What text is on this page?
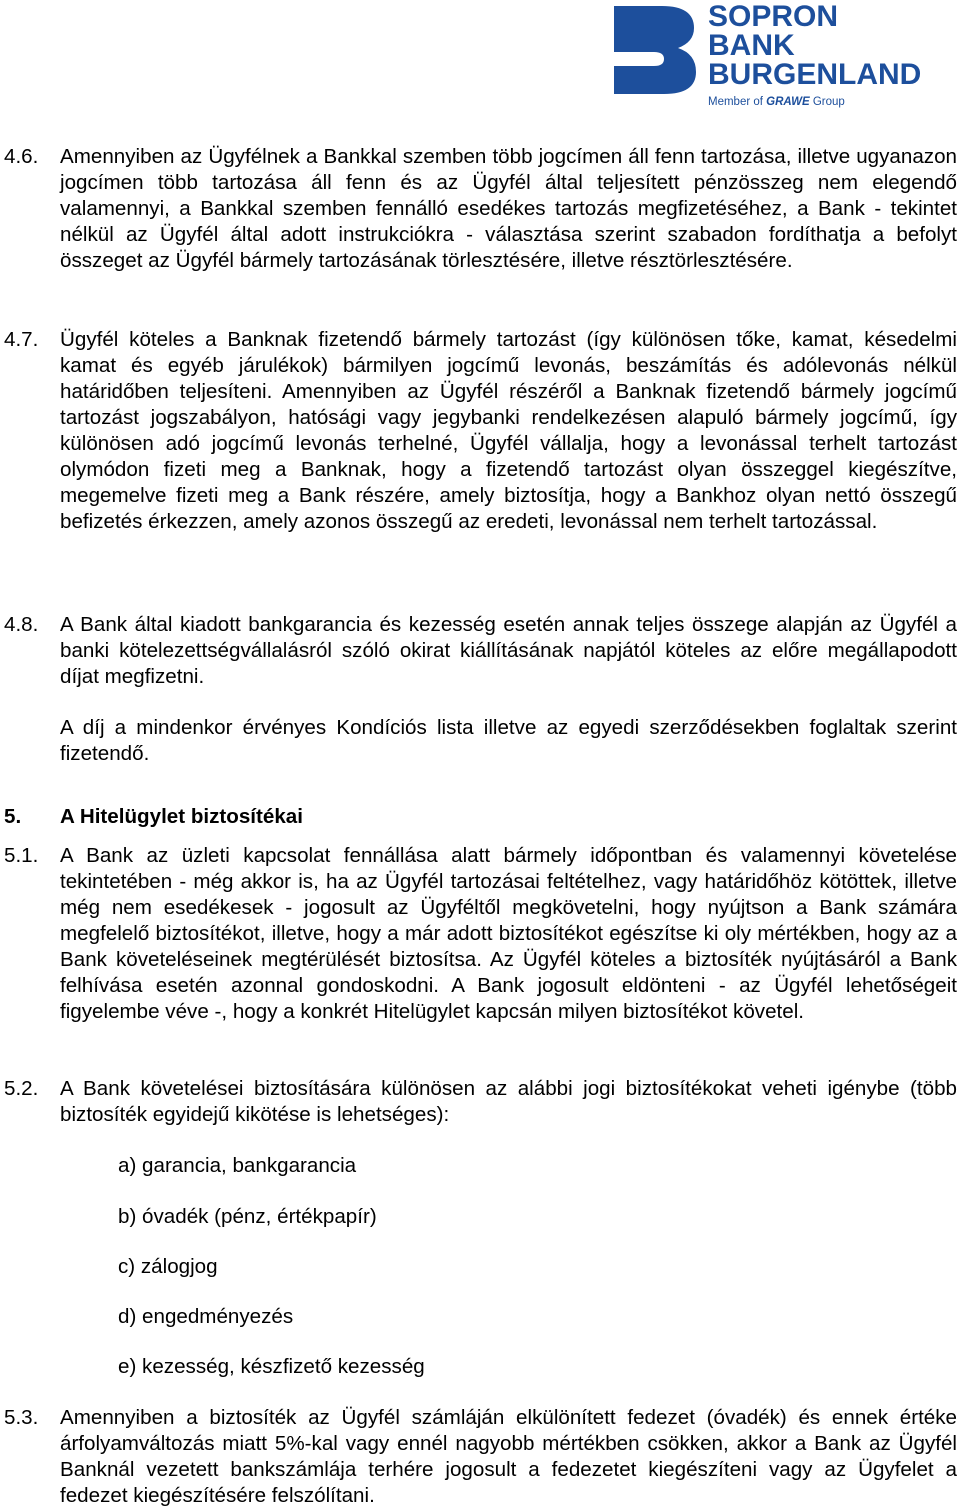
SOPRON
BANK
BURGENLAND
Member of GRAWE Group
4.6. Amennyiben az Ügyfélnek a Bankkal szemben több jogcímen áll fenn tartozása, illetve ugyanazon jogcímen több tartozása áll fenn és az Ügyfél által teljesített pénzösszeg nem elegendő valamennyi, a Bankkal szemben fennálló esedékes tartozás megfizetéséhez, a Bank - tekintet nélkül az Ügyfél által adott instrukciókra - választása szerint szabadon fordíthatja a befolyt összeget az Ügyfél bármely tartozásának törlesztésére, illetve résztörlesztésére.
4.7. Ügyfél köteles a Banknak fizetendő bármely tartozást (így különösen tőke, kamat, késedelmi kamat és egyéb járulékok) bármilyen jogcímű levonás, beszámítás és adólevonás nélkül határidőben teljesíteni. Amennyiben az Ügyfél részéről a Banknak fizetendő bármely jogcímű tartozást jogszabályon, hatósági vagy jegybanki rendelkezésen alapuló bármely jogcímű, így különösen adó jogcímű levonás terhelné, Ügyfél vállalja, hogy a levonással terhelt tartozást olymódon fizeti meg a Banknak, hogy a fizetendő tartozást olyan összeggel kiegészítve, megemelve fizeti meg a Bank részére, amely biztosítja, hogy a Bankhoz olyan nettó összegű befizetés érkezzen, amely azonos összegű az eredeti, levonással nem terhelt tartozással.
4.8. A Bank által kiadott bankgarancia és kezesség esetén annak teljes összege alapján az Ügyfél a banki kötelezettségvállalásról szóló okirat kiállításának napjától köteles az előre megállapodott díjat megfizetni.
A díj a mindenkor érvényes Kondíciós lista illetve az egyedi szerződésekben foglaltak szerint fizetendő.
5. A Hitelügylet biztosítékai
5.1. A Bank az üzleti kapcsolat fennállása alatt bármely időpontban és valamennyi követelése tekintetében - még akkor is, ha az Ügyfél tartozásai feltételhez, vagy határidőhöz kötöttek, illetve még nem esedékesek - jogosult az Ügyféltől megkövetelni, hogy nyújtson a Bank számára megfelelő biztosítékot, illetve, hogy a már adott biztosítékot egészítse ki oly mértékben, hogy az a Bank követeléseinek megtérülését biztosítsa. Az Ügyfél köteles a biztosíték nyújtásáról a Bank felhívása esetén azonnal gondoskodni. A Bank jogosult eldönteni - az Ügyfél lehetőségeit figyelembe véve -, hogy a konkrét Hitelügylet kapcsán milyen biztosítékot követel.
5.2. A Bank követelései biztosítására különösen az alábbi jogi biztosítékokat veheti igénybe (több biztosíték egyidejű kikötése is lehetséges):
a) garancia, bankgarancia
b) óvadék (pénz, értékpapír)
c) zálogjog
d) engedményezés
e) kezesség, készfizető kezesség
5.3. Amennyiben a biztosíték az Ügyfél számláján elkülönített fedezet (óvadék) és ennek értéke árfolyamváltozás miatt 5%-kal vagy ennél nagyobb mértékben csökken, akkor a Bank az Ügyfél Banknál vezetett bankszámlája terhére jogosult a fedezetet kiegészíteni vagy az Ügyfelet a fedezet kiegészítésére felszólítani.
